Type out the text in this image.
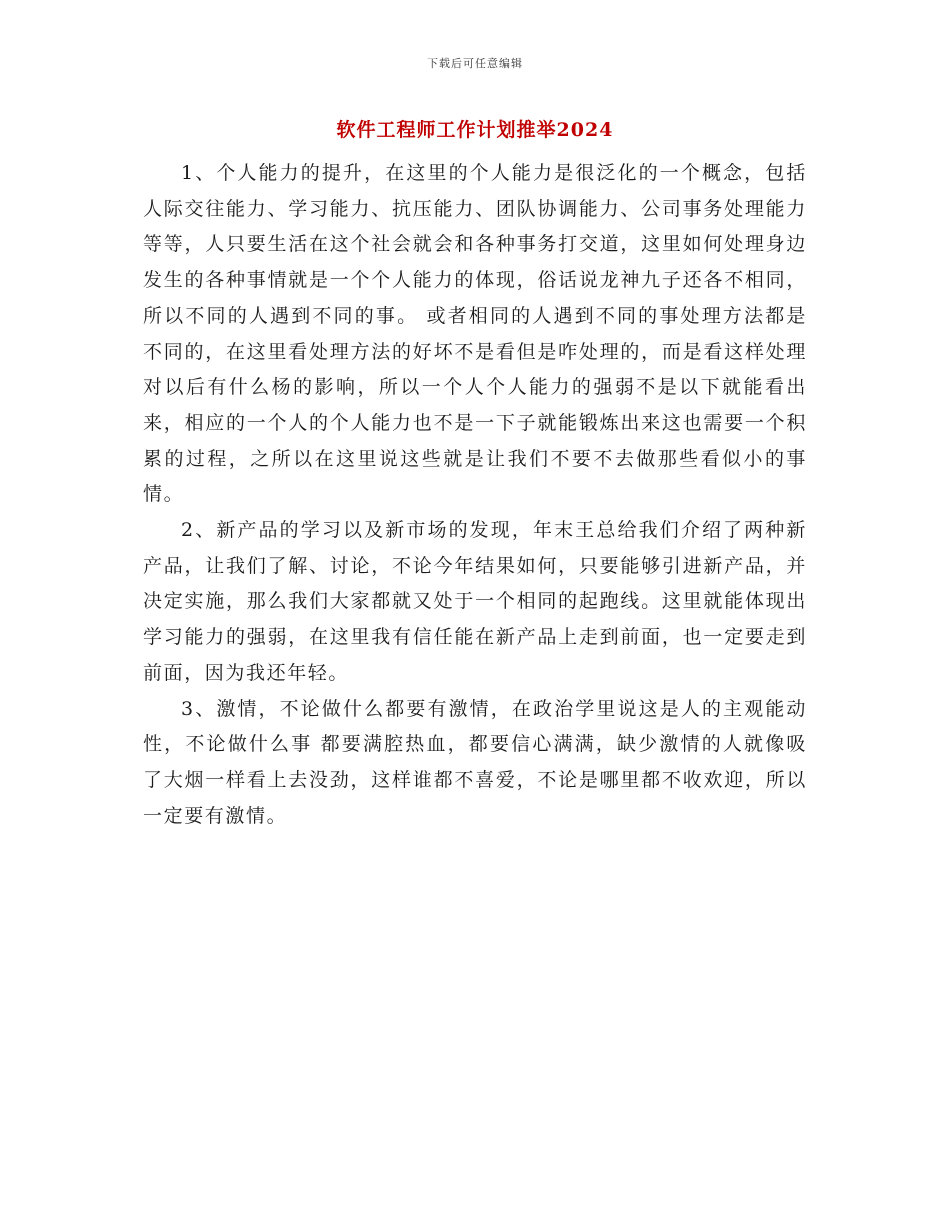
下载后可任意编辑
软件工程师工作计划推举2024

1、个人能力的提升，在这里的个人能力是很泛化的一个概念，包括人际交往能力、学习能力、抗压能力、团队协调能力、公司事务处理能力等等，人只要生活在这个社会就会和各种事务打交道，这里如何处理身边发生的各种事情就是一个个人能力的体现，俗话说龙神九子还各不相同，所以不同的人遇到不同的事。 或者相同的人遇到不同的事处理方法都是不同的，在这里看处理方法的好坏不是看但是咋处理的，而是看这样处理对以后有什么杨的影响，所以一个人个人能力的强弱不是以下就能看出来，相应的一个人的个人能力也不是一下子就能锻炼出来这也需要一个积累的过程，之所以在这里说这些就是让我们不要不去做那些看似小的事情。

2、新产品的学习以及新市场的发现，年末王总给我们介绍了两种新产品，让我们了解、讨论，不论今年结果如何，只要能够引进新产品，并决定实施，那么我们大家都就又处于一个相同的起跑线。这里就能体现出学习能力的强弱，在这里我有信任能在新产品上走到前面，也一定要走到前面，因为我还年轻。

3、激情，不论做什么都要有激情，在政治学里说这是人的主观能动性，不论做什么事 都要满腔热血，都要信心满满，缺少激情的人就像吸了大烟一样看上去没劲，这样谁都不喜爱，不论是哪里都不收欢迎，所以一定要有激情。
